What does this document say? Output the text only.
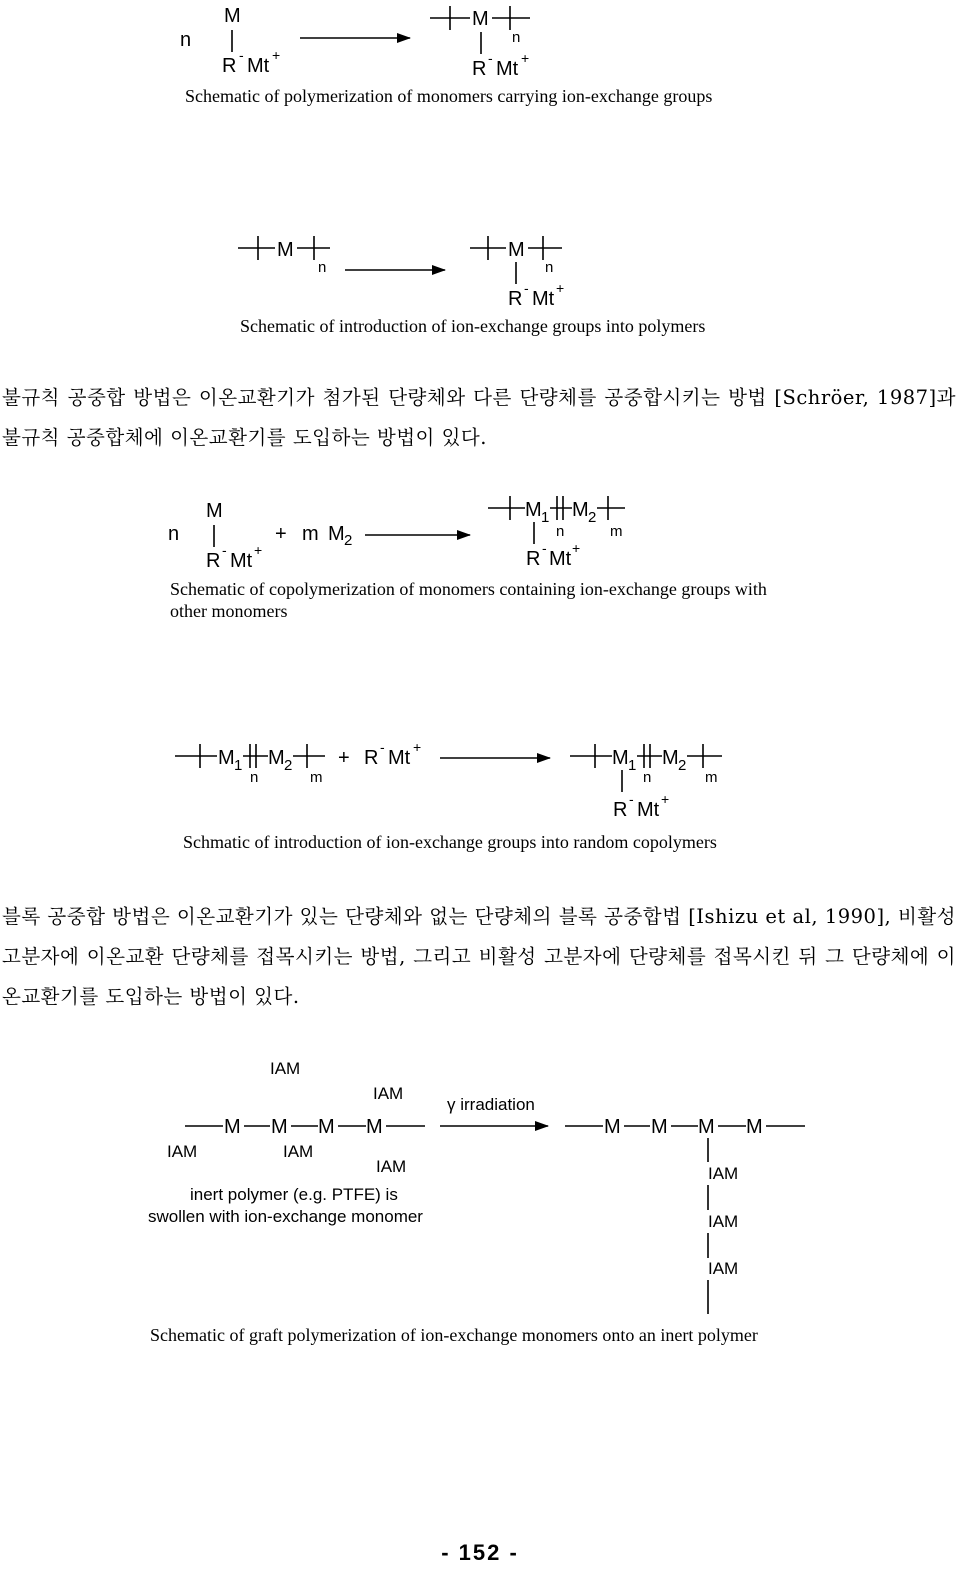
n
M
R - Mt +
M
n
R - Mt +
Schematic of polymerization of monomers carrying ion-exchange groups
M
n
M
n
R - Mt +
Schematic of introduction of ion-exchange groups into polymers
불규칙 공중합 방법은 이온교환기가 첨가된 단량체와 다른 단량체를 공중합시키는 방법 [Schröer, 1987]과 불규칙 공중합체에 이온교환기를 도입하는 방법이 있다.
n
M
R - Mt +
+ m M 2
M 1
n
M 2
m
R - Mt +
Schematic of copolymerization of monomers containing ion-exchange groups with
other monomers
M 1
n
M 2
m
+ R - Mt +	M 1
n
M 2
m
R - Mt +
Schmatic of introduction of ion-exchange groups into random copolymers
블록 공중합 방법은 이온교환기가 있는 단량체와 없는 단량체의 블록 공중합법 [Ishizu et al, 1990], 비활성 고분자에 이온교환 단량체를 접목시키는 방법, 그리고 비활성 고분자에 단량체를 접목시킨 뒤 그 단량체에 이온교환기를 도입하는 방법이 있다.
IAM
IAM
M M M M
IAM	IAM
IAM
inert polymer (e.g. PTFE) is
swollen with ion-exchange monomer
γ irradiation
M M M M
IAM
IAM
IAM
Schematic of graft polymerization of ion-exchange monomers onto an inert polymer
- 152 -
